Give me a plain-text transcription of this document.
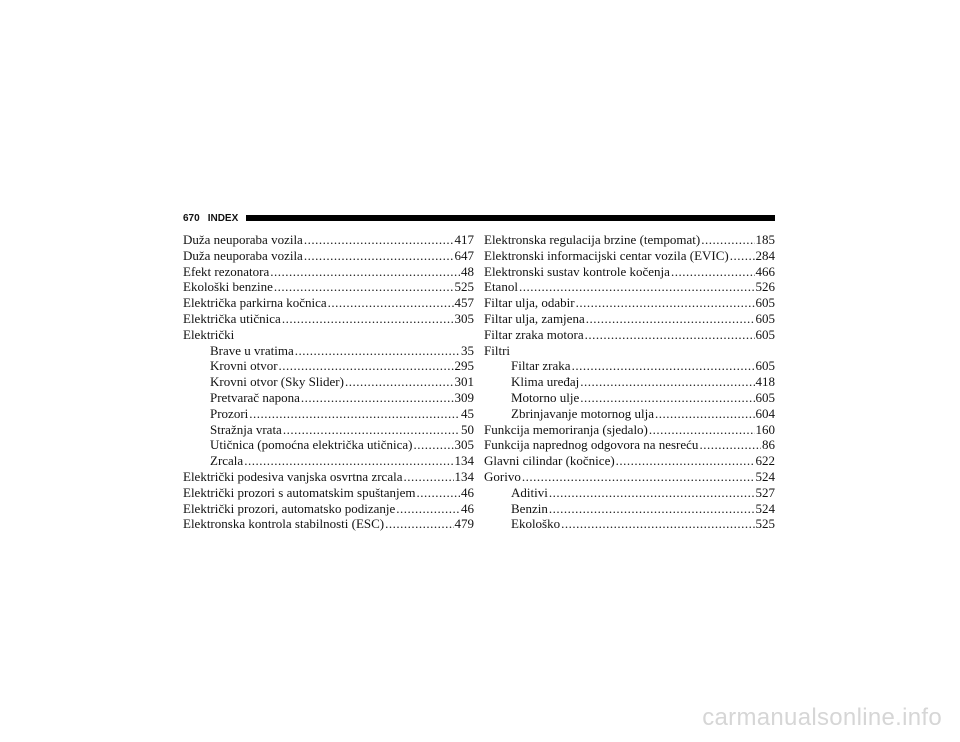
670 INDEX
Duža neuporaba vozila .....	417
Duža neuporaba vozila .....	647
Efekt rezonatora .....	48
Ekološki benzine .....	525
Električka parkirna kočnica .....	457
Električka utičnica .....	305
Električki
Brave u vratima .....	35
Krovni otvor .....	295
Krovni otvor (Sky Slider) .....	301
Pretvarač napona .....	309
Prozori .....	45
Stražnja vrata .....	50
Utičnica (pomoćna električka utičnica) .....	305
Zrcala .....	134
Električki podesiva vanjska osvrtna zrcala .....	134
Električki prozori s automatskim spuštanjem .....	46
Električki prozori, automatsko podizanje .....	46
Elektronska kontrola stabilnosti (ESC) .....	479
Elektronska regulacija brzine (tempomat) .....	185
Elektronski informacijski centar vozila (EVIC) ..... 284
Elektronski sustav kontrole kočenja .....	466
Etanol .....	526
Filtar ulja, odabir .....	605
Filtar ulja, zamjena .....	605
Filtar zraka motora .....	605
Filtri
Filtar zraka .....	605
Klima uređaj .....	418
Motorno ulje .....	605
Zbrinjavanje motornog ulja .....	604
Funkcija memoriranja (sjedalo) .....	160
Funkcija naprednog odgovora na nesreću .....	86
Glavni cilindar (kočnice) .....	622
Gorivo .....	524
Aditivi .....	527
Benzin .....	524
Ekološko .....	525
carmanualsonline.info
